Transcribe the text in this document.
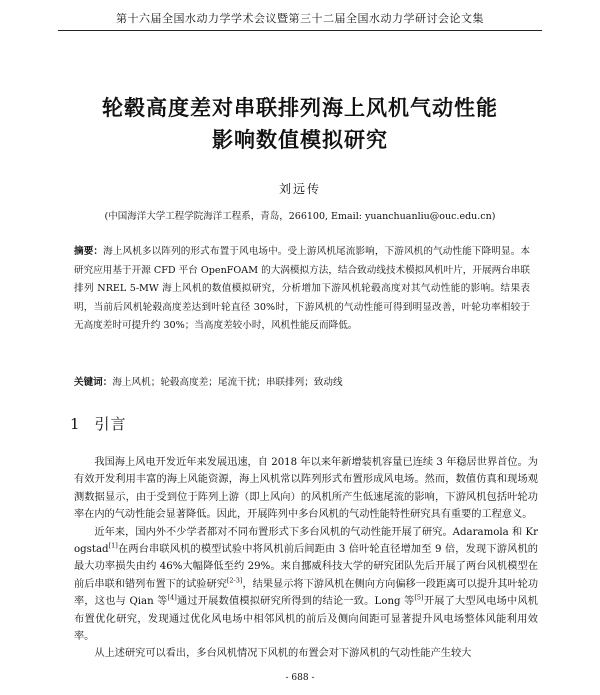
第十六届全国水动力学学术会议暨第三十二届全国水动力学研讨会论文集
轮毂高度差对串联排列海上风机气动性能
影响数值模拟研究
刘远传
(中国海洋大学工程学院海洋工程系，青岛，266100, Email: yuanchuanliu@ouc.edu.cn)
摘要：海上风机多以阵列的形式布置于风电场中。受上游风机尾流影响，下游风机的气动性能下降明显。本研究应用基于开源 CFD 平台 OpenFOAM 的大涡模拟方法，结合致动线技术模拟风机叶片，开展两台串联排列 NREL 5-MW 海上风机的数值模拟研究，分析增加下游风机轮毂高度对其气动性能的影响。结果表明，当前后风机轮毂高度差达到叶轮直径 30%时，下游风机的气动性能可得到明显改善，叶轮功率相较于无高度差时可提升约 30%；当高度差较小时，风机性能反而降低。
关键词：海上风机；轮毂高度差；尾流干扰；串联排列；致动线
1 引言

我国海上风电开发近年来发展迅速，自 2018 年以来年新增装机容量已连续 3 年稳居世界首位。为有效开发利用丰富的海上风能资源，海上风机常以阵列形式布置形成风电场。然而，数值仿真和现场观测数据显示，由于受到位于阵列上游（即上风向）的风机所产生低速尾流的影响，下游风机包括叶轮功率在内的气动性能会显著降低。因此，开展阵列中多台风机的气动性能特性研究具有重要的工程意义。

近年来，国内外不少学者都对不同布置形式下多台风机的气动性能开展了研究。Adaramola 和 Krogstad[1]在两台串联风机的模型试验中将风机前后间距由 3 倍叶轮直径增加至 9 倍，发现下游风机的最大功率损失由约 46%大幅降低至约 29%。来自挪威科技大学的研究团队先后开展了两台风机模型在前后串联和错列布置下的试验研究[2-3]，结果显示将下游风机在侧向方向偏移一段距离可以提升其叶轮功率，这也与 Qian 等[4]通过开展数值模拟研究所得到的结论一致。Long 等[5]开展了大型风电场中风机布置优化研究，发现通过优化风电场中相邻风机的前后及侧向间距可显著提升风电场整体风能利用效率。

从上述研究可以看出，多台风机情况下风机的布置会对下游风机的气动性能产生较大

- 688 -
